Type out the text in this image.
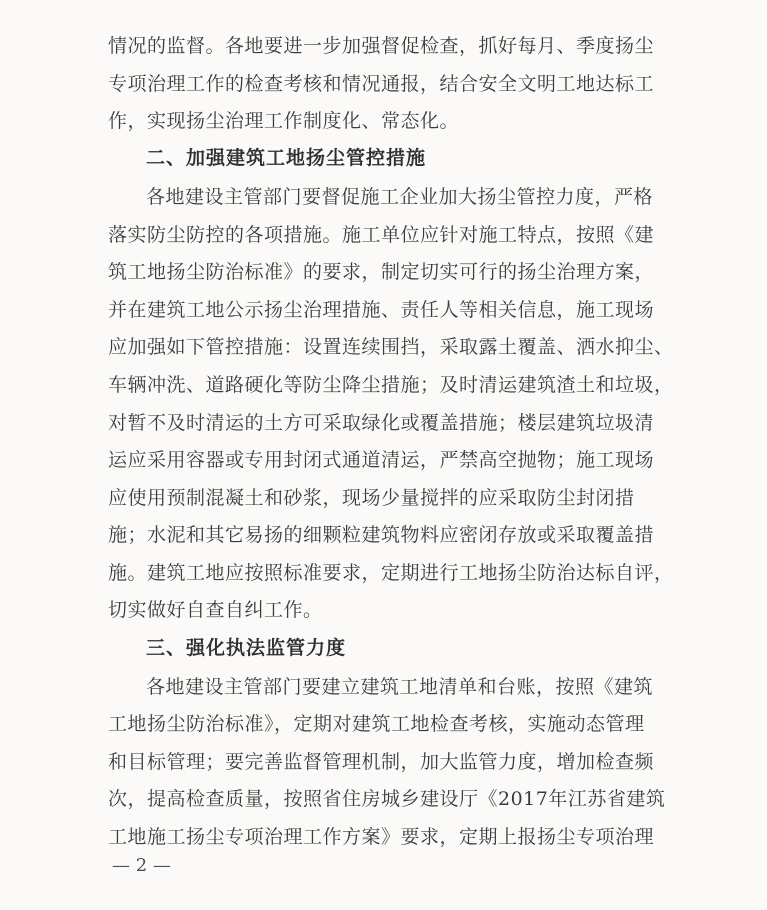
情况的监督。各地要进一步加强督促检查，抓好每月、季度扬尘
专项治理工作的检查考核和情况通报，结合安全文明工地达标工
作，实现扬尘治理工作制度化、常态化。
二、加强建筑工地扬尘管控措施
各地建设主管部门要督促施工企业加大扬尘管控力度，严格
落实防尘防控的各项措施。施工单位应针对施工特点，按照《建
筑工地扬尘防治标准》的要求，制定切实可行的扬尘治理方案，
并在建筑工地公示扬尘治理措施、责任人等相关信息，施工现场
应加强如下管控措施：设置连续围挡，采取露土覆盖、洒水抑尘、
车辆冲洗、道路硬化等防尘降尘措施；及时清运建筑渣土和垃圾，
对暂不及时清运的土方可采取绿化或覆盖措施；楼层建筑垃圾清
运应采用容器或专用封闭式通道清运，严禁高空抛物；施工现场
应使用预制混凝土和砂浆，现场少量搅拌的应采取防尘封闭措
施；水泥和其它易扬的细颗粒建筑物料应密闭存放或采取覆盖措
施。建筑工地应按照标准要求，定期进行工地扬尘防治达标自评，
切实做好自查自纠工作。
三、强化执法监管力度
各地建设主管部门要建立建筑工地清单和台账，按照《建筑
工地扬尘防治标准》，定期对建筑工地检查考核，实施动态管理
和目标管理；要完善监督管理机制，加大监管力度，增加检查频
次，提高检查质量，按照省住房城乡建设厅《2017年江苏省建筑
工地施工扬尘专项治理工作方案》要求，定期上报扬尘专项治理
— 2 —
